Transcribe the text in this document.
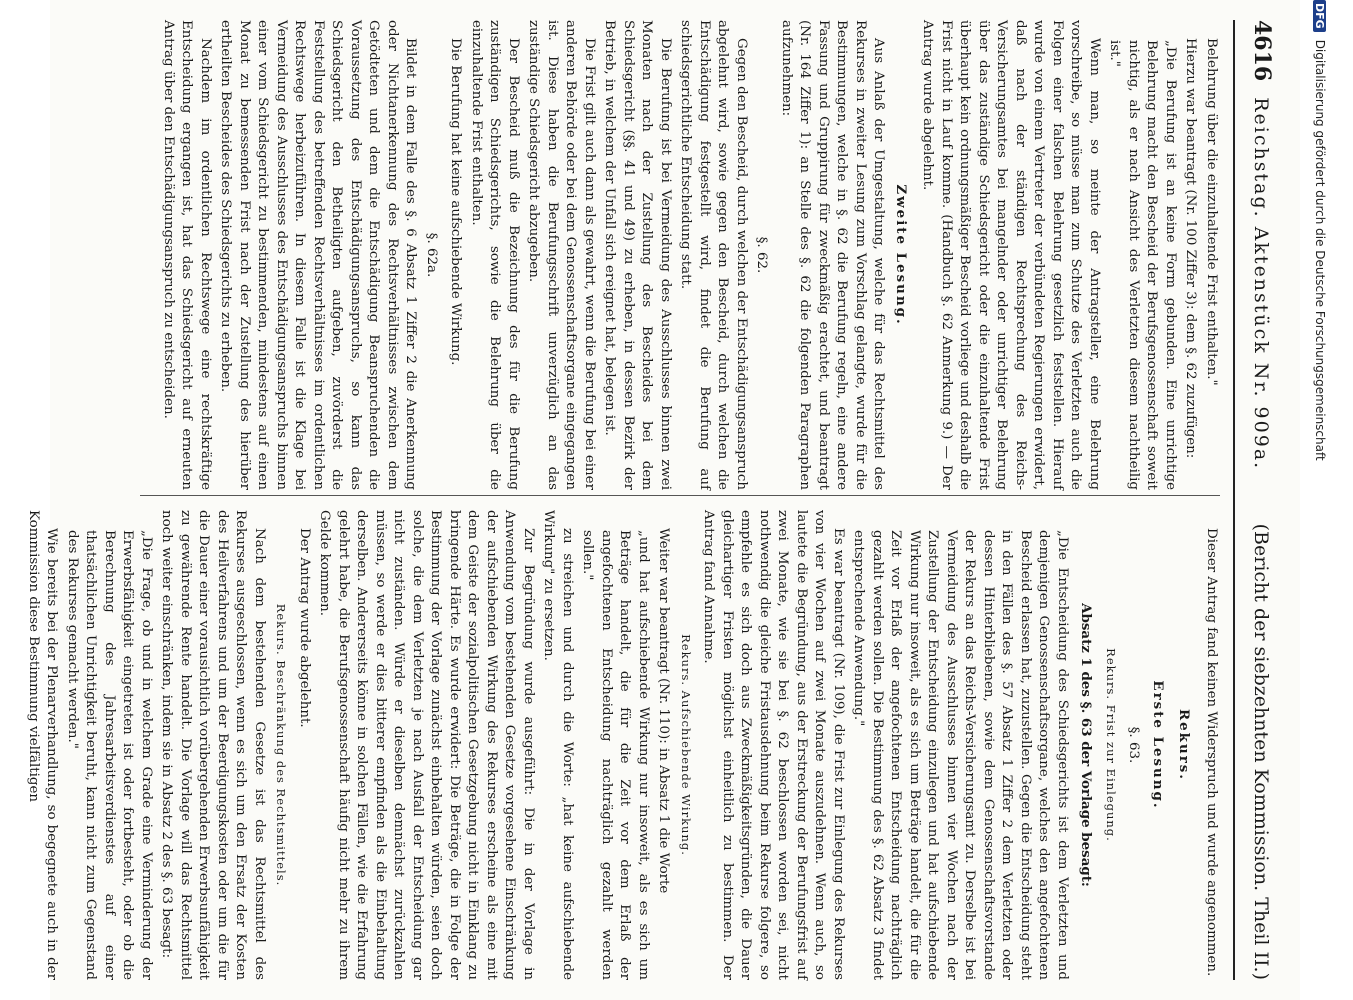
4616
Reichstag. Aktenstück Nr. 909a.
(Bericht der siebzehnten Kommission. Theil II.)

Belehrung über die einzuhaltende Frist enthalten."

Hierzu war beantragt (Nr. 100 Ziffer 3): dem §. 62 zuzufügen:

„Die Berufung ist an keine Form gebunden. Eine unrichtige Belehrung macht den Bescheid der Berufsgenossenschaft soweit nichtig, als er nach Ansicht des Verletzten diesem nachtheilig ist."

Wenn man, so meinte der Antragsteller, eine Belehrung vorschreibe, so müsse man zum Schutze des Verletzten auch die Folgen einer falschen Belehrung gesetzlich feststellen. Hierauf wurde von einem Vertreter der verbündeten Regierungen erwidert, daß nach der ständigen Rechtsprechung des Reichs-Versicherungsamtes bei mangelnder oder unrichtiger Belehrung über das zuständige Schiedsgericht oder die einzuhaltende Frist überhaupt kein ordnungsmäßiger Bescheid vorliege und deshalb die Frist nicht in Lauf komme. (Handbuch §. 62 Anmerkung 9.) — Der Antrag wurde abgelehnt.

Zweite Lesung.

Aus Anlaß der Umgestaltung, welche für das Rechtsmittel des Rekurses in zweiter Lesung zum Vorschlag gelangte, wurde für die Bestimmungen, welche in §. 62 die Berufung regeln, eine andere Fassung und Gruppirung für zweckmäßig erachtet, und beantragt (Nr. 164 Ziffer 1): an Stelle des §. 62 die folgenden Paragraphen aufzunehmen:

§. 62.

Gegen den Bescheid, durch welchen der Entschädigungsanspruch abgelehnt wird, sowie gegen den Bescheid, durch welchen die Entschädigung festgestellt wird, findet die Berufung auf schiedsgerichtliche Entscheidung statt.

Die Berufung ist bei Vermeidung des Ausschlusses binnen zwei Monaten nach der Zustellung des Bescheides bei dem Schiedsgericht (§§. 41 und 49) zu erheben, in dessen Bezirk der Betrieb, in welchem der Unfall sich ereignet hat, belegen ist.

Die Frist gilt auch dann als gewahrt, wenn die Berufung bei einer anderen Behörde oder bei dem Genossenschaftsorgane eingegangen ist. Diese haben die Berufungsschrift unverzüglich an das zuständige Schiedsgericht abzugeben.

Der Bescheid muß die Bezeichnung des für die Berufung zuständigen Schiedsgerichts, sowie die Belehrung über die einzuhaltende Frist enthalten.

Die Berufung hat keine aufschiebende Wirkung.

§. 62a.

Bildet in dem Falle des §. 6 Absatz 1 Ziffer 2 die Anerkennung oder Nichtanerkennung des Rechtsverhältnisses zwischen dem Getödteten und dem die Entschädigung Beanspruchenden die Voraussetzung des Entschädigungsanspruchs, so kann das Schiedsgericht den Betheiligten aufgeben, zuvörderst die Feststellung des betreffenden Rechtsverhältnisses im ordentlichen Rechtswege herbeizuführen. In diesem Falle ist die Klage bei Vermeidung des Ausschlusses des Entschädigungsanspruchs binnen einer vom Schiedsgericht zu bestimmenden, mindestens auf einen Monat zu bemessenden Frist nach der Zustellung des hierüber ertheilten Bescheides des Schiedsgerichts zu erheben.

Nachdem im ordentlichen Rechtswege eine rechtskräftige Entscheidung ergangen ist, hat das Schiedsgericht auf erneuten Antrag über den Entschädigungsanspruch zu entscheiden.

Dieser Antrag fand keinen Widerspruch und wurde angenommen.

Rekurs.

Erste Lesung.

§. 63.

Rekurs. Frist zur Einlegung.

Absatz 1 des §. 63 der Vorlage besagt:

„Die Entscheidung des Schiedsgerichts ist dem Verletzten und demjenigen Genossenschaftsorgane, welches den angefochtenen Bescheid erlassen hat, zuzustellen. Gegen die Entscheidung steht in den Fällen des §. 57 Absatz 1 Ziffer 2 dem Verletzten oder dessen Hinterbliebenen, sowie dem Genossenschaftsvorstande der Rekurs an das Reichs-Versicherungsamt zu. Derselbe ist bei Vermeidung des Ausschlusses binnen vier Wochen nach der Zustellung der Entscheidung einzulegen und hat aufschiebende Wirkung nur insoweit, als es sich um Beträge handelt, die für die Zeit vor Erlaß der angefochtenen Entscheidung nachträglich gezahlt werden sollen. Die Bestimmung des §. 62 Absatz 3 findet entsprechende Anwendung."

Es war beantragt (Nr. 109), die Frist zur Einlegung des Rekurses von vier Wochen auf zwei Monate auszudehnen. Wenn auch, so lautete die Begründung, aus der Erstreckung der Berufungsfrist auf zwei Monate, wie sie bei §. 62 beschlossen worden sei, nicht nothwendig die gleiche Fristausdehnung beim Rekurse folgere, so empfehle es sich doch aus Zweckmäßigkeitsgründen, die Dauer gleichartiger Fristen möglichst einheitlich zu bestimmen. Der Antrag fand Annahme.

Rekurs. Aufschiebende Wirkung.

Weiter war beantragt (Nr. 110): in Absatz 1 die Worte

„und hat aufschiebende Wirkung nur insoweit, als es sich um Beträge handelt, die für die Zeit vor dem Erlaß der angefochtenen Entscheidung nachträglich gezahlt werden sollen."

zu streichen und durch die Worte: „hat keine aufschiebende Wirkung" zu ersetzen.

Zur Begründung wurde ausgeführt: Die in der Vorlage in Anwendung vom bestehenden Gesetze vorgesehene Einschränkung der aufschiebenden Wirkung des Rekurses erscheine als eine mit dem Geiste der sozialpolitischen Gesetzgebung nicht in Einklang zu bringende Härte. Es wurde erwidert: Die Beträge, die in Folge der Bestimmung der Vorlage zunächst einbehalten würden, seien doch solche, die dem Verletzten je nach Ausfall der Entscheidung gar nicht zuständen. Würde er dieselben demnächst zurückzahlen müssen, so werde er dies bitterer empfinden als die Einbehaltung derselben. Andererseits könne in solchen Fällen, wie die Erfahrung gelehrt habe, die Berufsgenossenschaft häufig nicht mehr zu ihrem Gelde kommen.

Der Antrag wurde abgelehnt.

Rekurs. Beschränkung des Rechtsmittels.

Nach dem bestehenden Gesetze ist das Rechtsmittel des Rekurses ausgeschlossen, wenn es sich um den Ersatz der Kosten des Heilverfahrens und um der Beerdigungskosten oder um die für die Dauer einer vorausichtlich vorübergehenden Erwerbsunfähigkeit zu gewährende Rente handelt. Die Vorlage will das Rechtsmittel noch weiter einschränken, indem sie in Absatz 2 des §. 63 besagt:

„Die Frage, ob und in welchem Grade eine Verminderung der Erwerbsfähigkeit eingetreten ist oder fortbesteht, oder ob die Berechnung des Jahresarbeitsverdienstes auf einer thatsächlichen Unrichtigkeit beruht, kann nicht zum Gegenstand des Rekurses gemacht werden."

Wie bereits bei der Plenarverhandlung, so begegnete auch in der Kommission diese Bestimmung vielfältigen

DFG
Digitalisierung gefördert durch die Deutsche Forschungsgemeinschaft
